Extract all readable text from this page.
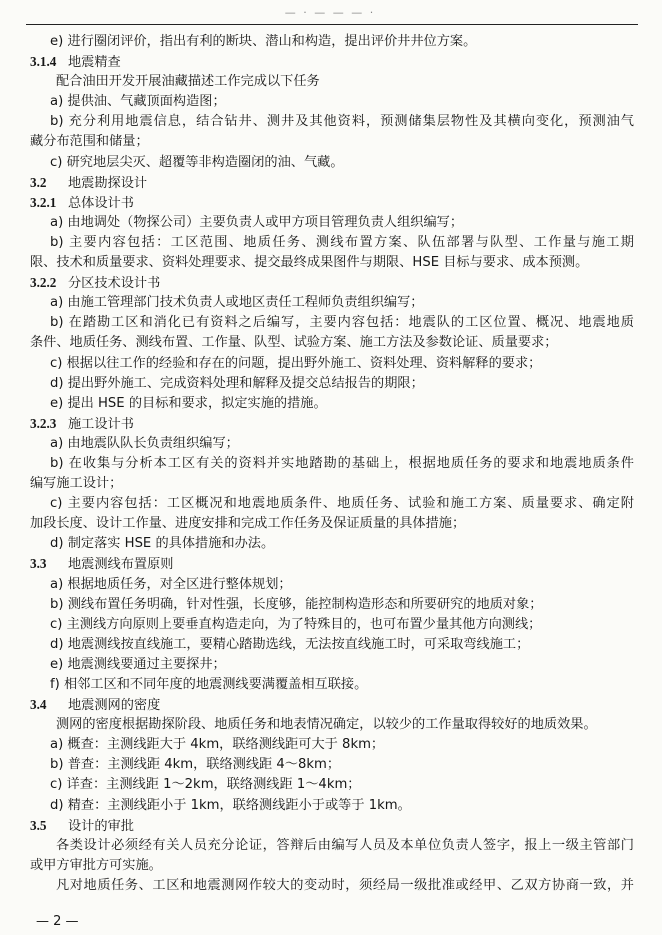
— · — — — ·
e) 进行圈闭评价，指出有利的断块、潜山和构造，提出评价井井位方案。
3.1.4 地震精查
配合油田开发开展油藏描述工作完成以下任务
a) 提供油、气藏顶面构造图；
b) 充分利用地震信息，结合钻井、测井及其他资料，预测储集层物性及其横向变化，预测油气
藏分布范围和储量；
c) 研究地层尖灭、超覆等非构造圈闭的油、气藏。
3.2 地震勘探设计
3.2.1 总体设计书
a) 由地调处（物探公司）主要负责人或甲方项目管理负责人组织编写；
b) 主要内容包括：工区范围、地质任务、测线布置方案、队伍部署与队型、工作量与施工期
限、技术和质量要求、资料处理要求、提交最终成果图件与期限、HSE 目标与要求、成本预测。
3.2.2 分区技术设计书
a) 由施工管理部门技术负责人或地区责任工程师负责组织编写；
b) 在踏勘工区和消化已有资料之后编写，主要内容包括：地震队的工区位置、概况、地震地质
条件、地质任务、测线布置、工作量、队型、试验方案、施工方法及参数论证、质量要求；
c) 根据以往工作的经验和存在的问题，提出野外施工、资料处理、资料解释的要求；
d) 提出野外施工、完成资料处理和解释及提交总结报告的期限；
e) 提出 HSE 的目标和要求，拟定实施的措施。
3.2.3 施工设计书
a) 由地震队队长负责组织编写；
b) 在收集与分析本工区有关的资料并实地踏勘的基础上，根据地质任务的要求和地震地质条件
编写施工设计；
c) 主要内容包括：工区概况和地震地质条件、地质任务、试验和施工方案、质量要求、确定附
加段长度、设计工作量、进度安排和完成工作任务及保证质量的具体措施；
d) 制定落实 HSE 的具体措施和办法。
3.3 地震测线布置原则
a) 根据地质任务，对全区进行整体规划；
b) 测线布置任务明确，针对性强，长度够，能控制构造形态和所要研究的地质对象；
c) 主测线方向原则上要垂直构造走向，为了特殊目的，也可布置少量其他方向测线；
d) 地震测线按直线施工，要精心踏勘选线，无法按直线施工时，可采取弯线施工；
e) 地震测线要通过主要探井；
f) 相邻工区和不同年度的地震测线要满覆盖相互联接。
3.4 地震测网的密度
测网的密度根据勘探阶段、地质任务和地表情况确定，以较少的工作量取得较好的地质效果。
a) 概查：主测线距大于 4km，联络测线距可大于 8km；
b) 普查：主测线距 4km，联络测线距 4～8km；
c) 详查：主测线距 1～2km，联络测线距 1～4km；
d) 精查：主测线距小于 1km，联络测线距小于或等于 1km。
3.5 设计的审批
各类设计必须经有关人员充分论证，答辩后由编写人员及本单位负责人签字，报上一级主管部门
或甲方审批方可实施。
凡对地质任务、工区和地震测网作较大的变动时，须经局一级批准或经甲、乙双方协商一致，并
— 2 —
